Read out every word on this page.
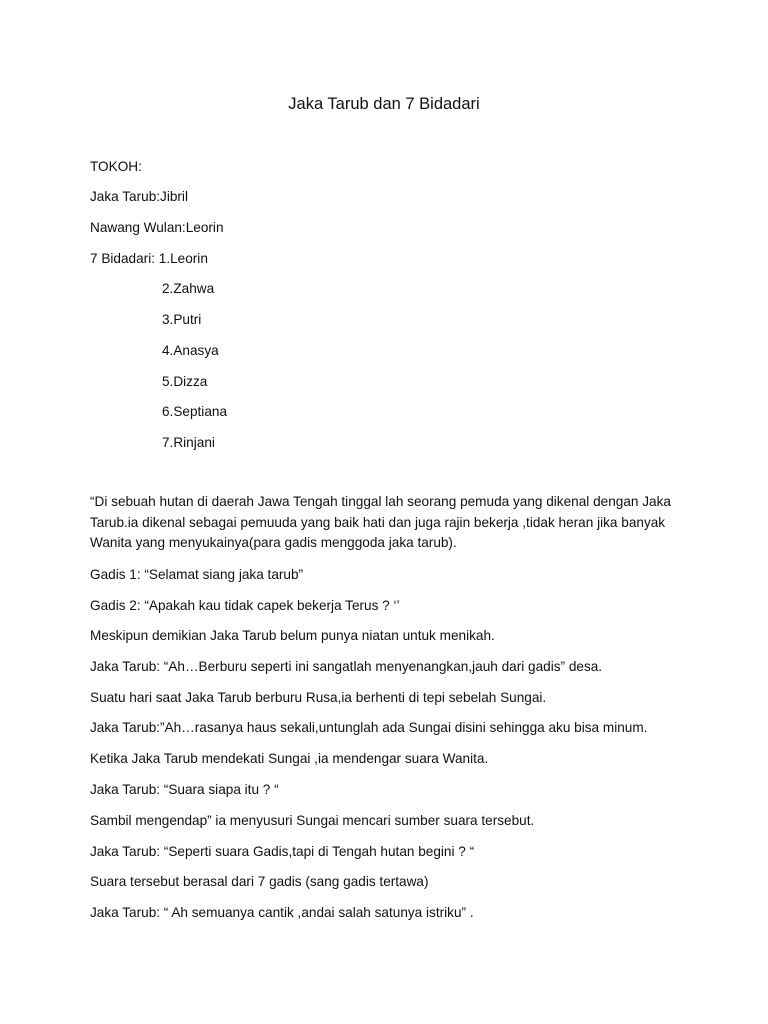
Jaka Tarub dan 7 Bidadari
TOKOH:
Jaka Tarub:Jibril
Nawang Wulan:Leorin
7 Bidadari: 1.Leorin
2.Zahwa
3.Putri
4.Anasya
5.Dizza
6.Septiana
7.Rinjani
“Di sebuah hutan di daerah Jawa Tengah tinggal lah seorang pemuda yang dikenal dengan Jaka
Tarub.ia dikenal sebagai pemuuda yang baik hati dan juga rajin bekerja ,tidak heran jika banyak
Wanita yang menyukainya(para gadis menggoda jaka tarub).
Gadis 1: “Selamat siang jaka tarub”
Gadis 2: “Apakah kau tidak capek bekerja Terus ? ‘’
Meskipun demikian Jaka Tarub belum punya niatan untuk menikah.
Jaka Tarub: “Ah…Berburu seperti ini sangatlah menyenangkan,jauh dari gadis” desa.
Suatu hari saat Jaka Tarub berburu Rusa,ia berhenti di tepi sebelah Sungai.
Jaka Tarub:”Ah…rasanya haus sekali,untunglah ada Sungai disini sehingga aku bisa minum.
Ketika Jaka Tarub mendekati Sungai ,ia mendengar suara Wanita.
Jaka Tarub: “Suara siapa itu ? “
Sambil mengendap” ia menyusuri Sungai mencari sumber suara tersebut.
Jaka Tarub: “Seperti suara Gadis,tapi di Tengah hutan begini ? “
Suara tersebut berasal dari 7 gadis (sang gadis tertawa)
Jaka Tarub: “ Ah semuanya cantik ,andai salah satunya istriku” .
